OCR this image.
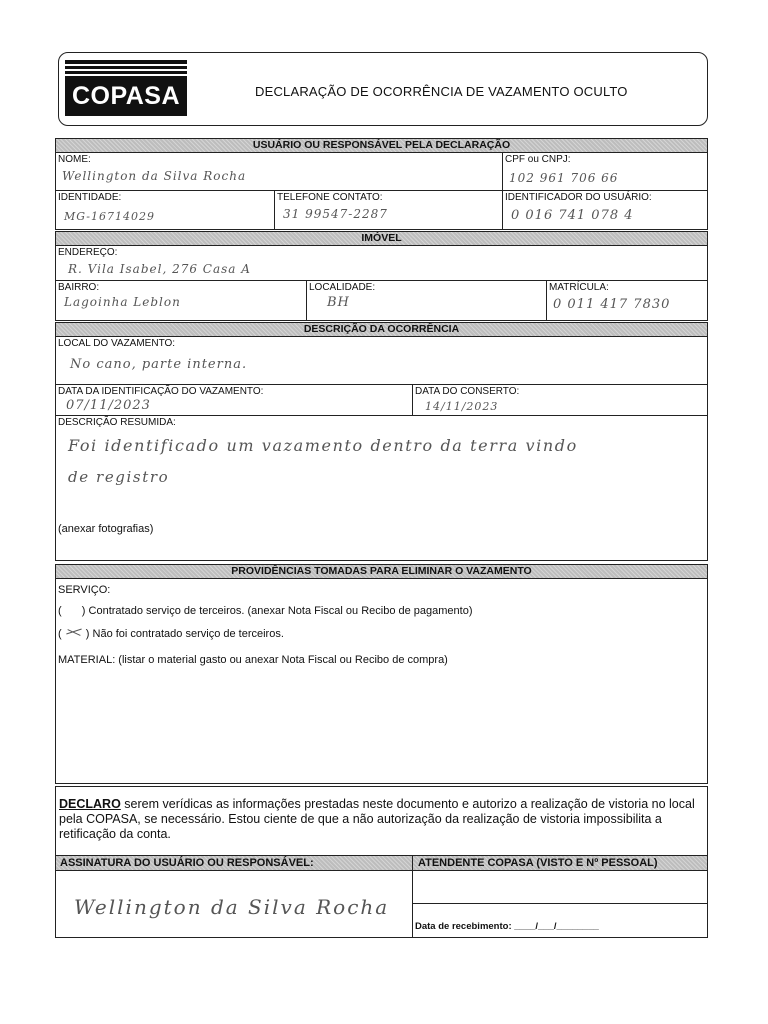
COPASA	DECLARAÇÃO DE OCORRÊNCIA DE VAZAMENTO OCULTO
USUÁRIO OU RESPONSÁVEL PELA DECLARAÇÃO
NOME:
Wellington da Silva Rocha
CPF ou CNPJ:
102 961 706 66
IDENTIDADE:
MG-16714029
TELEFONE CONTATO:
31 99547-2287
IDENTIFICADOR DO USUÁRIO:
0 016 741 078 4
IMÓVEL
ENDEREÇO:
R. Vila Isabel, 276 Casa A
BAIRRO:
Lagoinha Leblon
LOCALIDADE:
BH
MATRÍCULA:
0 011 417 7830
DESCRIÇÃO DA OCORRÊNCIA
LOCAL DO VAZAMENTO:
No cano, parte interna.
DATA DA IDENTIFICAÇÃO DO VAZAMENTO:
07/11/2023
DATA DO CONSERTO:
14/11/2023
DESCRIÇÃO RESUMIDA:
Foi identificado um vazamento dentro da terra vindo
de registro
(anexar fotografias)
PROVIDÊNCIAS TOMADAS PARA ELIMINAR O VAZAMENTO
SERVIÇO:
( ) Contratado serviço de terceiros. (anexar Nota Fiscal ou Recibo de pagamento)
( ) Não foi contratado serviço de terceiros.
MATERIAL: (listar o material gasto ou anexar Nota Fiscal ou Recibo de compra)
DECLARO serem verídicas as informações prestadas neste documento e autorizo a realização de vistoria no local pela COPASA, se necessário. Estou ciente de que a não autorização da realização de vistoria impossibilita a retificação da conta.
ASSINATURA DO USUÁRIO OU RESPONSÁVEL:	ATENDENTE COPASA (VISTO E Nº PESSOAL)
Wellington da Silva Rocha
Data de recebimento: ____/___/________
